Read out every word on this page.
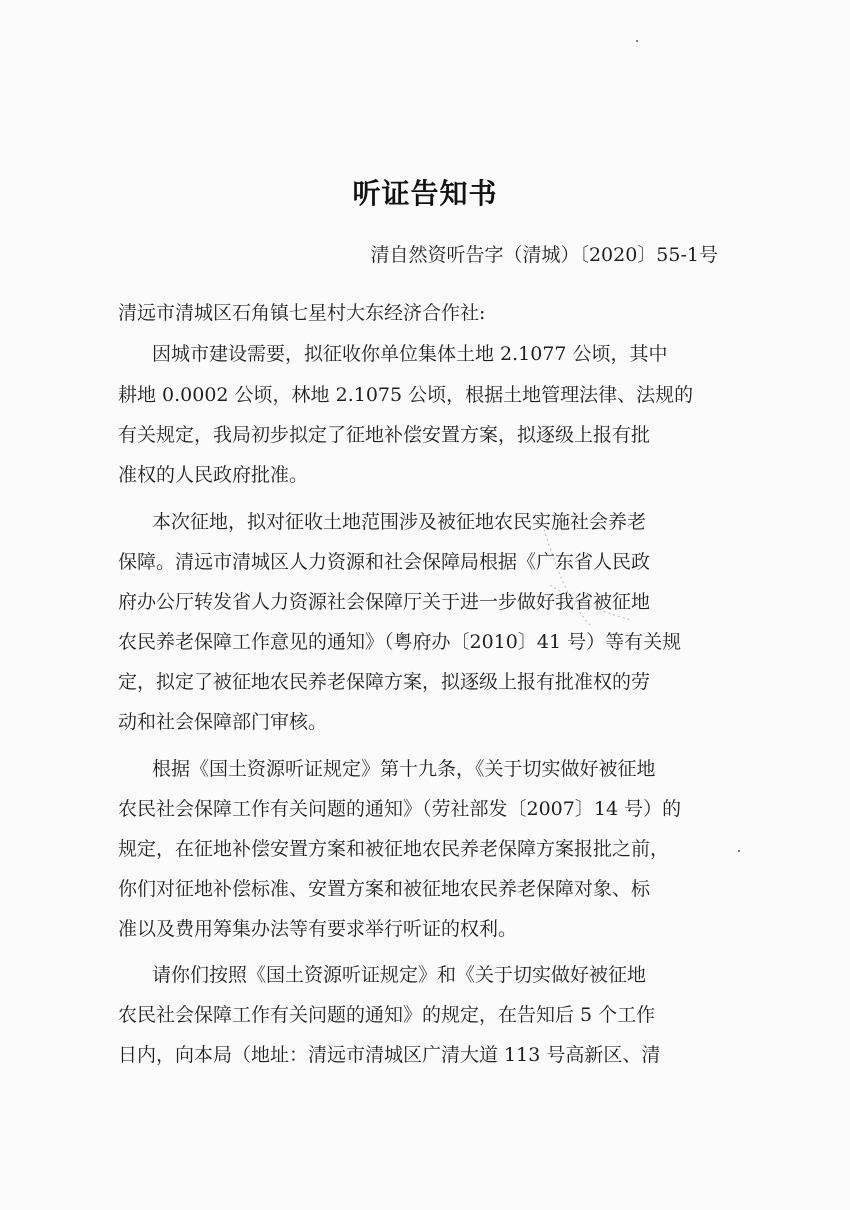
听证告知书
清自然资听告字（清城）〔2020〕55-1号
清远市清城区石角镇七星村大东经济合作社:
因城市建设需要，拟征收你单位集体土地 2.1077 公顷，其中
耕地 0.0002 公顷，林地 2.1075 公顷，根据土地管理法律、法规的
有关规定，我局初步拟定了征地补偿安置方案，拟逐级上报有批
准权的人民政府批准。
本次征地，拟对征收土地范围涉及被征地农民实施社会养老
保障。清远市清城区人力资源和社会保障局根据《广东省人民政
府办公厅转发省人力资源社会保障厅关于进一步做好我省被征地
农民养老保障工作意见的通知》（粤府办〔2010〕41 号）等有关规
定，拟定了被征地农民养老保障方案，拟逐级上报有批准权的劳
动和社会保障部门审核。
根据《国土资源听证规定》第十九条，《关于切实做好被征地
农民社会保障工作有关问题的通知》（劳社部发〔2007〕14 号）的
规定，在征地补偿安置方案和被征地农民养老保障方案报批之前，
你们对征地补偿标准、安置方案和被征地农民养老保障对象、标
准以及费用筹集办法等有要求举行听证的权利。
请你们按照《国土资源听证规定》和《关于切实做好被征地
农民社会保障工作有关问题的通知》的规定，在告知后 5 个工作
日内，向本局（地址：清远市清城区广清大道 113 号高新区、清
